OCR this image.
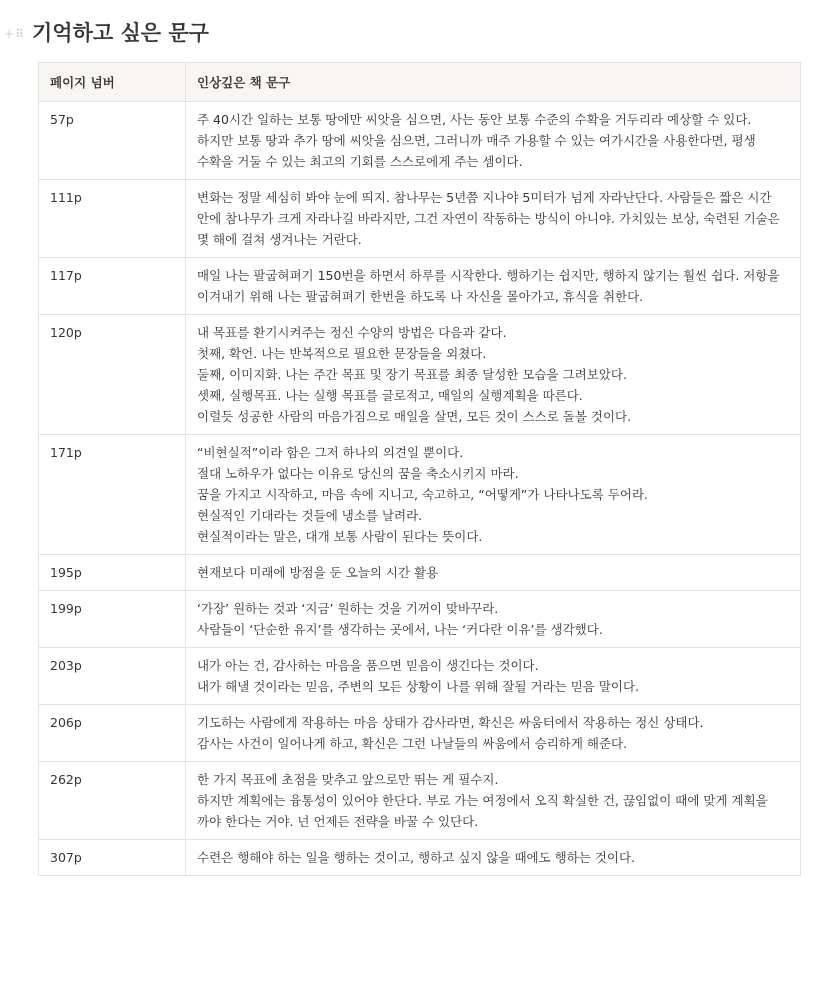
+ ⠿ 기억하고 싶은 문구
페이지 넘버	인상깊은 책 문구
57p	주 40시간 일하는 보통 땅에만 씨앗을 심으면, 사는 동안 보통 수준의 수확을 거두리라 예상할 수 있다. 하지만 보통 땅과 추가 땅에 씨앗을 심으면, 그러니까 매주 가용할 수 있는 여가시간을 사용한다면, 평생 수확을 거둘 수 있는 최고의 기회를 스스로에게 주는 셈이다.

111p	변화는 정말 세심히 봐야 눈에 띄지. 참나무는 5년쯤 지나야 5미터가 넘게 자라난단다. 사람들은 짧은 시간 안에 참나무가 크게 자라나길 바라지만, 그건 자연이 작동하는 방식이 아니야. 가치있는 보상, 숙련된 기술은 몇 해에 걸쳐 생겨나는 거란다.

117p	매일 나는 팔굽혀펴기 150번을 하면서 하루를 시작한다. 행하기는 쉽지만, 행하지 않기는 훨씬 쉽다. 저항을 이겨내기 위해 나는 팔굽혀펴기 한번을 하도록 나 자신을 몰아가고, 휴식을 취한다.

120p	내 목표를 환기시켜주는 정신 수양의 방법은 다음과 같다.
첫째, 확언. 나는 반복적으로 필요한 문장들을 외쳤다.
둘째, 이미지화. 나는 주간 목표 및 장기 목표를 최종 달성한 모습을 그려보았다.
셋째, 실행목표. 나는 실행 목표를 글로적고, 매일의 실행계획을 따른다.
이럴듯 성공한 사람의 마음가짐으로 매일을 살면, 모든 것이 스스로 돌볼 것이다.

171p	“비현실적”이라 함은 그저 하나의 의견일 뿐이다.
절대 노하우가 없다는 이유로 당신의 꿈을 축소시키지 마라.
꿈을 가지고 시작하고, 마음 속에 지니고, 숙고하고, “어떻게”가 나타나도록 두어라.
현실적인 기대라는 것들에 냉소를 날려라.
현실적이라는 말은, 대개 보통 사람이 된다는 뜻이다.

195p	현재보다 미래에 방점을 둔 오늘의 시간 활용

199p	‘가장’ 원하는 것과 ‘지금’ 원하는 것을 기꺼이 맞바꾸라.
사람들이 ‘단순한 유지’를 생각하는 곳에서, 나는 ‘커다란 이유’를 생각했다.

203p	내가 아는 건, 감사하는 마음을 품으면 믿음이 생긴다는 것이다.
내가 해낼 것이라는 믿음, 주변의 모든 상황이 나를 위해 잘될 거라는 믿음 말이다.

206p	기도하는 사람에게 작용하는 마음 상태가 감사라면, 확신은 싸움터에서 작용하는 정신 상태다.
감사는 사건이 일어나게 하고, 확신은 그런 나날들의 싸움에서 승리하게 해준다.

262p	한 가지 목표에 초점을 맞추고 앞으로만 뛰는 게 필수지.
하지만 계획에는 융통성이 있어야 한단다. 부로 가는 여정에서 오직 확실한 건, 끊임없이 때에 맞게 계획을 까야 한다는 거야. 넌 언제든 전략을 바꿀 수 있단다.

307p	수련은 행해야 하는 일을 행하는 것이고, 행하고 싶지 않을 때에도 행하는 것이다.
